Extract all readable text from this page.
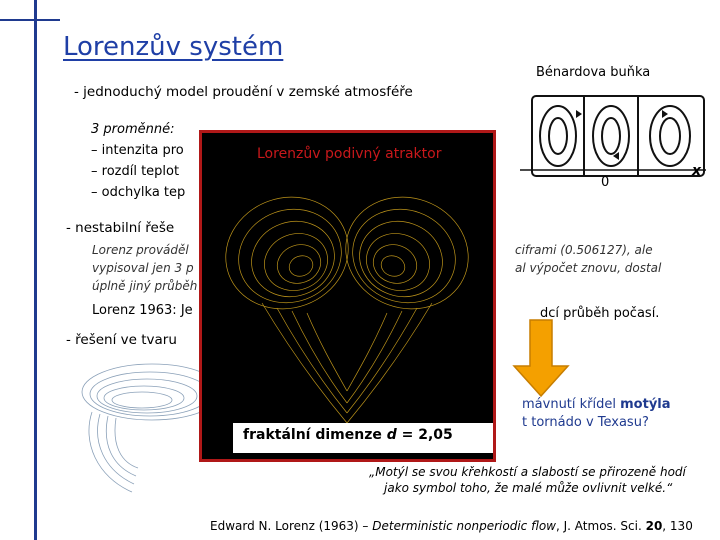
Lorenzův systém
- jednoduchý model proudění v zemské atmosféře
3 proměnné:
– intenzita pro
– rozdíl teplot
– odchylka tep
Bénardova buňka
0
x
- nestabilní řeše
Lorenz prováděl	ciframi (0.506127), ale
vypisoval jen 3 p	al výpočet znovu, dostal
úplně jiný průběh
Lorenz 1963: Je	dcí průběh počasí.
- řešení ve tvaru
mávnutí křídel motýla
t tornádo v Texasu?
„Motýl se svou křehkostí a slabostí se přirozeně hodí
jako symbol toho, že malé může ovlivnit velké.“
Edward N. Lorenz (1963) – Deterministic nonperiodic flow, J. Atmos. Sci. 20, 130
Lorenzův podivný atraktor
fraktální dimenze d = 2,05
